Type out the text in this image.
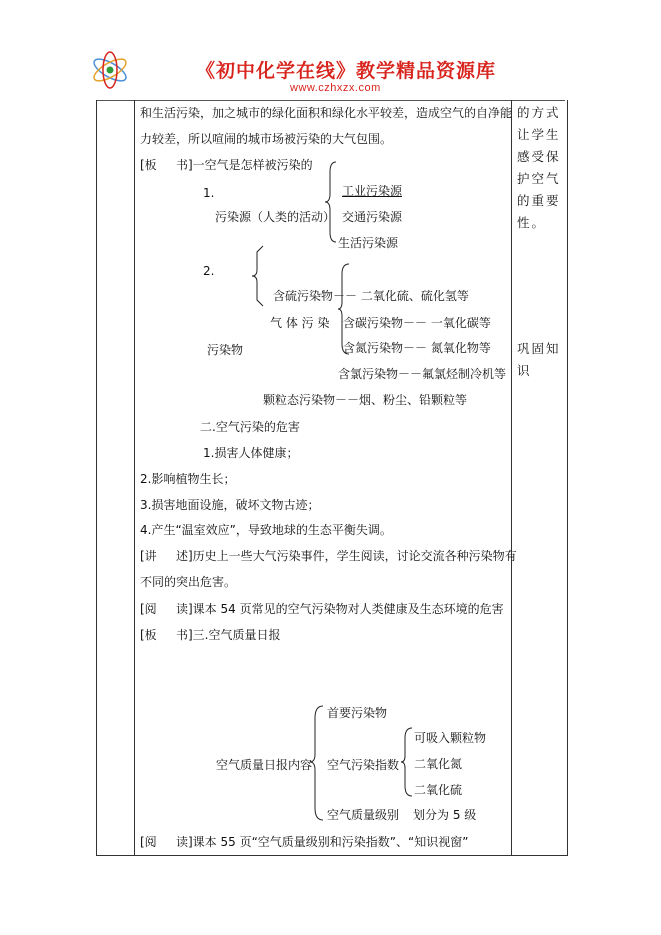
《初中化学在线》教学精品资源库
www.czhxzx.com
和生活污染，加之城市的绿化面积和绿化水平较差，造成空气的自净能
力较差，所以喧闹的城市场被污染的大气包围。
[板 书]一空气是怎样被污染的
1.
污染源（人类的活动）
工业污染源
交通污染源
生活污染源
2.
含硫污染物－－ 二氧化硫、硫化氢等
气 体 污 染 含碳污染物－－ 一氧化碳等
污染物	含氮污染物－－ 氮氧化物等
含氯污染物－－氟氯烃制冷机等
颗粒态污染物－－烟、粉尘、铅颗粒等
二.空气污染的危害
1.损害人体健康；
2.影响植物生长；
3.损害地面设施，破坏文物古迹；
4.产生“温室效应”，导致地球的生态平衡失调。
[讲 述]历史上一些大气污染事件，学生阅读，讨论交流各种污染物有
不同的突出危害。
[阅 读]课本 54 页常见的空气污染物对人类健康及生态环境的危害
[板 书]三.空气质量日报
首要污染物
空气质量日报内容 空气污染指数
可吸入颗粒物
二氧化氮
二氧化硫
空气质量级别 划分为 5 级
[阅 读]课本 55 页“空气质量级别和污染指数”、“知识视窗”
的方式
让学生
感受保
护空气
的重要
性。
巩固知
识
